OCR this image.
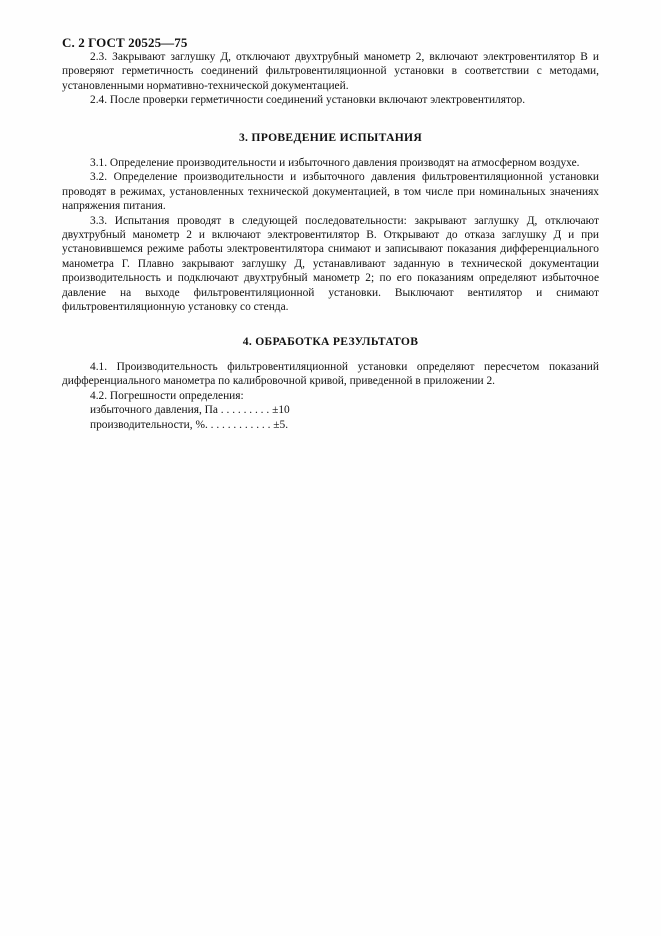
С. 2 ГОСТ 20525—75

2.3. Закрывают заглушку Д, отключают двухтрубный манометр 2, включают электровентилятор В и проверяют герметичность соединений фильтровентиляционной установки в соответствии с методами, установленными нормативно-технической документацией.

2.4. После проверки герметичности соединений установки включают электровентилятор.

3. ПРОВЕДЕНИЕ ИСПЫТАНИЯ

3.1. Определение производительности и избыточного давления производят на атмосферном воздухе.

3.2. Определение производительности и избыточного давления фильтровентиляционной установки проводят в режимах, установленных технической документацией, в том числе при номинальных значениях напряжения питания.

3.3. Испытания проводят в следующей последовательности: закрывают заглушку Д, отключают двухтрубный манометр 2 и включают электровентилятор В. Открывают до отказа заглушку Д и при установившемся режиме работы электровентилятора снимают и записывают показания дифференциального манометра Г. Плавно закрывают заглушку Д, устанавливают заданную в технической документации производительность и подключают двухтрубный манометр 2; по его показаниям определяют избыточное давление на выходе фильтровентиляционной установки. Выключают вентилятор и снимают фильтровентиляционную установку со стенда.

4. ОБРАБОТКА РЕЗУЛЬТАТОВ

4.1. Производительность фильтровентиляционной установки определяют пересчетом показаний дифференциального манометра по калибровочной кривой, приведенной в приложении 2.

4.2. Погрешности определения:

избыточного давления, Па . . . . . . . . . ±10
производительности, %. . . . . . . . . . . . ±5.
